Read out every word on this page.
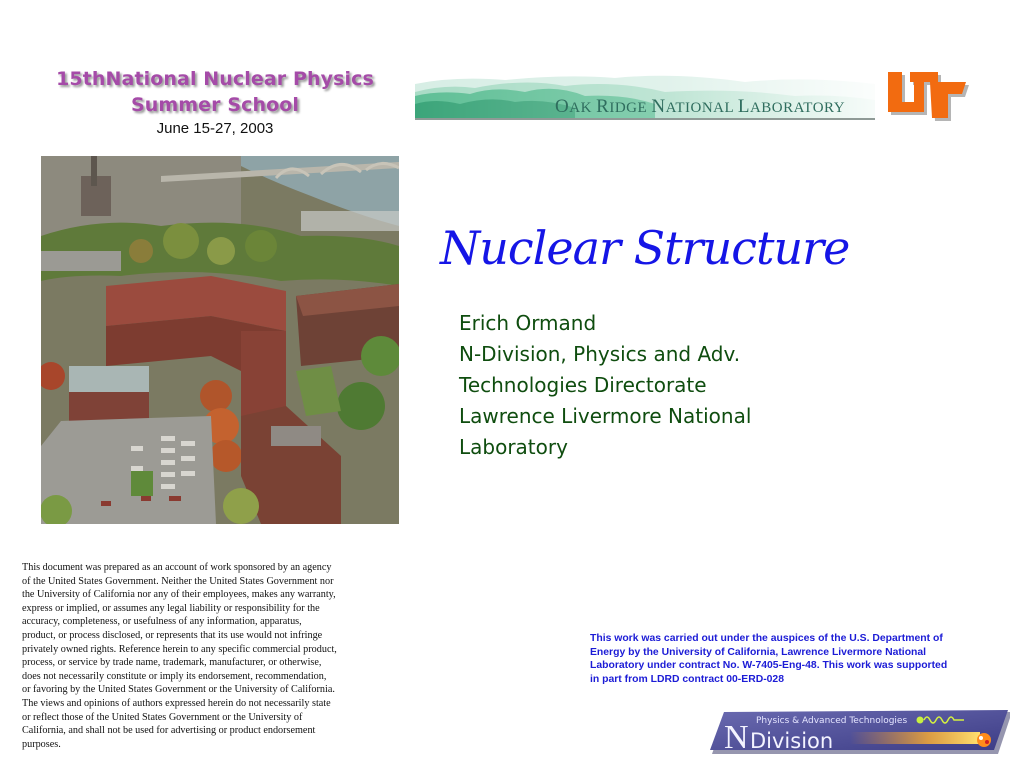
15thNational Nuclear Physics
Summer School
June 15-27, 2003
OAK RIDGE NATIONAL LABORATORY
Nuclear Structure
Erich Ormand
N-Division, Physics and Adv.
Technologies Directorate
Lawrence Livermore National
Laboratory
This document was prepared as an account of work sponsored by an agency
of the United States Government. Neither the United States Government nor
the University of California nor any of their employees, makes any warranty,
express or implied, or assumes any legal liability or responsibility for the
accuracy, completeness, or usefulness of any information, apparatus,
product, or process disclosed, or represents that its use would not infringe
privately owned rights. Reference herein to any specific commercial product,
process, or service by trade name, trademark, manufacturer, or otherwise,
does not necessarily constitute or imply its endorsement, recommendation,
or favoring by the United States Government or the University of California.
The views and opinions of authors expressed herein do not necessarily state
or reflect those of the United States Government or the University of
California, and shall not be used for advertising or product endorsement
purposes.
This work was carried out under the auspices of the U.S. Department of
Energy by the University of California, Lawrence Livermore National
Laboratory under contract No. W-7405-Eng-48. This work was supported
in part from LDRD contract 00-ERD-028
N Division
Physics & Advanced Technologies
